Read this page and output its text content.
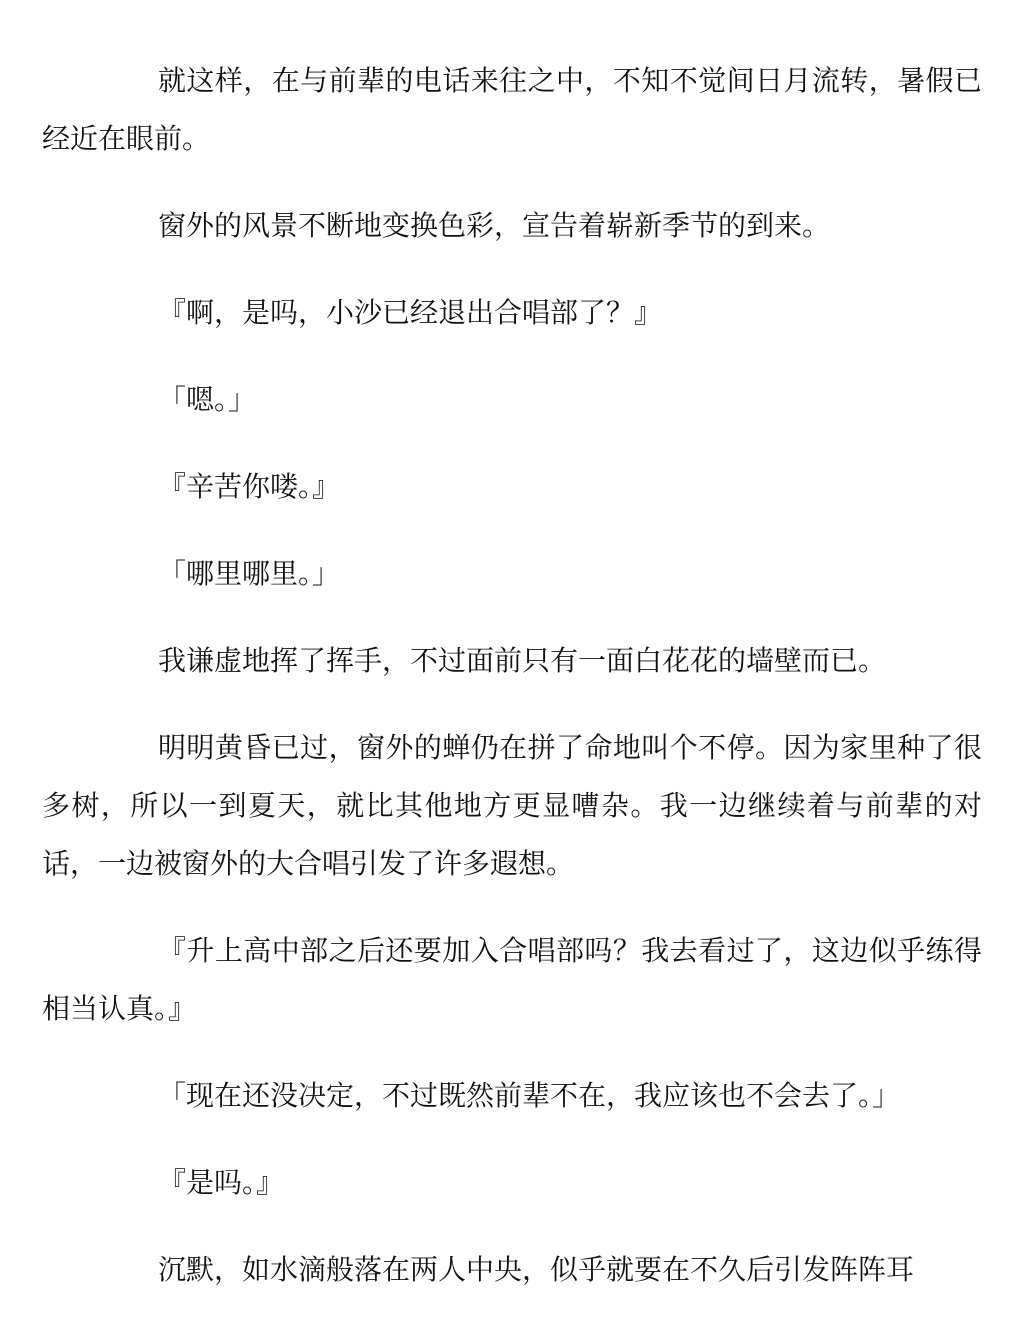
就这样，在与前辈的电话来往之中，不知不觉间日月流转，暑假已经近在眼前。

窗外的风景不断地变换色彩，宣告着崭新季节的到来。

『啊，是吗，小沙已经退出合唱部了？』

「嗯。」

『辛苦你喽。』

「哪里哪里。」

我谦虚地挥了挥手，不过面前只有一面白花花的墙壁而已。

明明黄昏已过，窗外的蝉仍在拼了命地叫个不停。因为家里种了很多树，所以一到夏天，就比其他地方更显嘈杂。我一边继续着与前辈的对话，一边被窗外的大合唱引发了许多遐想。

『升上高中部之后还要加入合唱部吗？我去看过了，这边似乎练得相当认真。』

「现在还没决定，不过既然前辈不在，我应该也不会去了。」

『是吗。』

沉默，如水滴般落在两人中央，似乎就要在不久后引发阵阵耳
